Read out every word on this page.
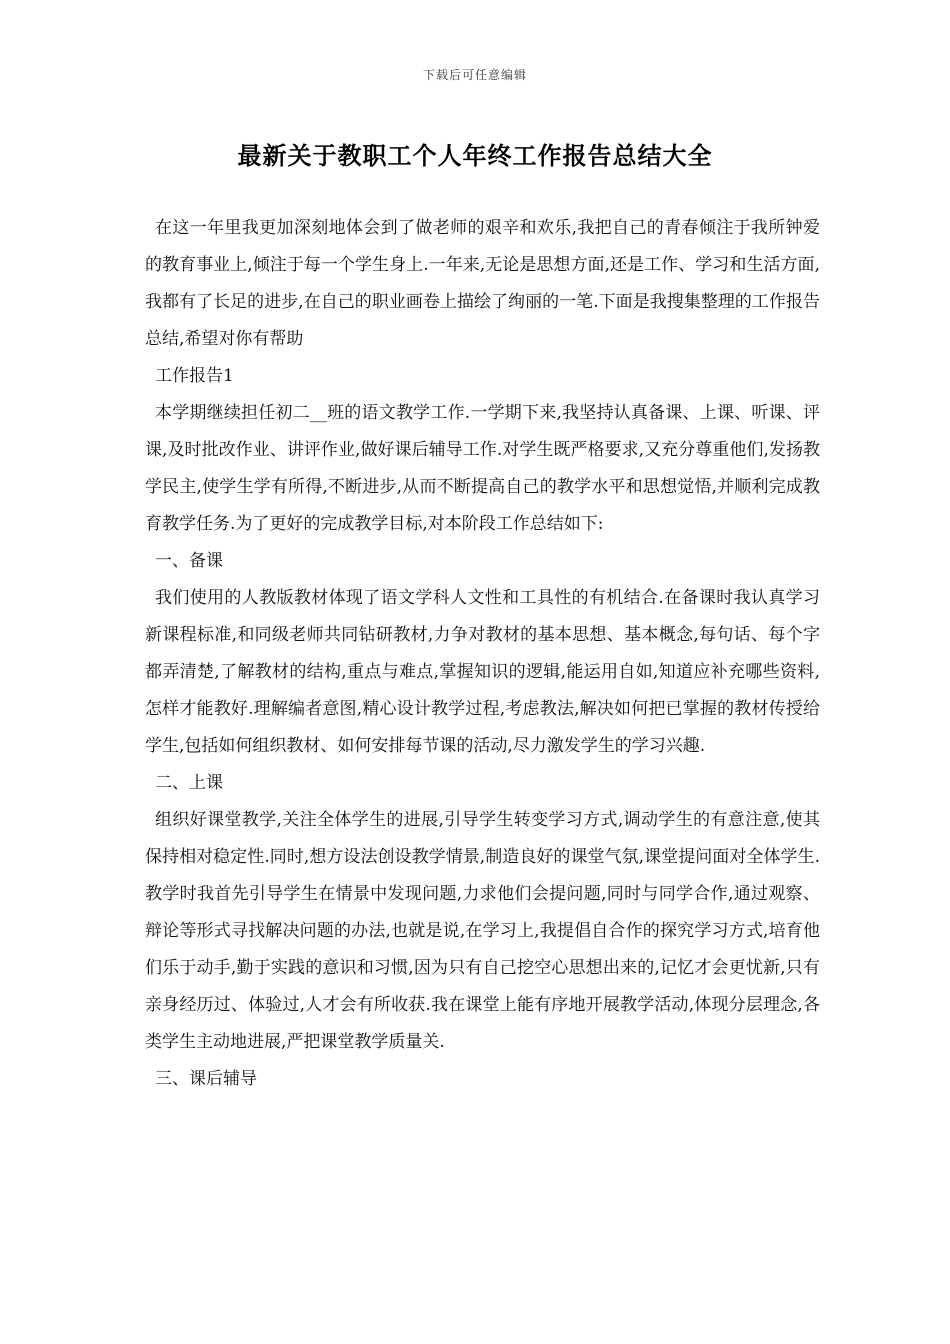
下载后可任意编辑
最新关于教职工个人年终工作报告总结大全

在这一年里我更加深刻地体会到了做老师的艰辛和欢乐,我把自己的青春倾注于我所钟爱的教育事业上,倾注于每一个学生身上.一年来,无论是思想方面,还是工作、学习和生活方面,我都有了长足的进步,在自己的职业画卷上描绘了绚丽的一笔.下面是我搜集整理的工作报告总结,希望对你有帮助

工作报告1

本学期继续担任初二__班的语文教学工作.一学期下来,我坚持认真备课、上课、听课、评课,及时批改作业、讲评作业,做好课后辅导工作.对学生既严格要求,又充分尊重他们,发扬教学民主,使学生学有所得,不断进步,从而不断提高自己的教学水平和思想觉悟,并顺利完成教育教学任务.为了更好的完成教学目标,对本阶段工作总结如下:

一、备课

我们使用的人教版教材体现了语文学科人文性和工具性的有机结合.在备课时我认真学习新课程标准,和同级老师共同钻研教材,力争对教材的基本思想、基本概念,每句话、每个字都弄清楚,了解教材的结构,重点与难点,掌握知识的逻辑,能运用自如,知道应补充哪些资料,怎样才能教好.理解编者意图,精心设计教学过程,考虑教法,解决如何把已掌握的教材传授给学生,包括如何组织教材、如何安排每节课的活动,尽力激发学生的学习兴趣.

二、上课

组织好课堂教学,关注全体学生的进展,引导学生转变学习方式,调动学生的有意注意,使其保持相对稳定性.同时,想方设法创设教学情景,制造良好的课堂气氛,课堂提问面对全体学生.教学时我首先引导学生在情景中发现问题,力求他们会提问题,同时与同学合作,通过观察、辩论等形式寻找解决问题的办法,也就是说,在学习上,我提倡自合作的探究学习方式,培育他们乐于动手,勤于实践的意识和习惯,因为只有自己挖空心思想出来的,记忆才会更忧新,只有亲身经历过、体验过,人才会有所收获.我在课堂上能有序地开展教学活动,体现分层理念,各类学生主动地进展,严把课堂教学质量关.

三、课后辅导
